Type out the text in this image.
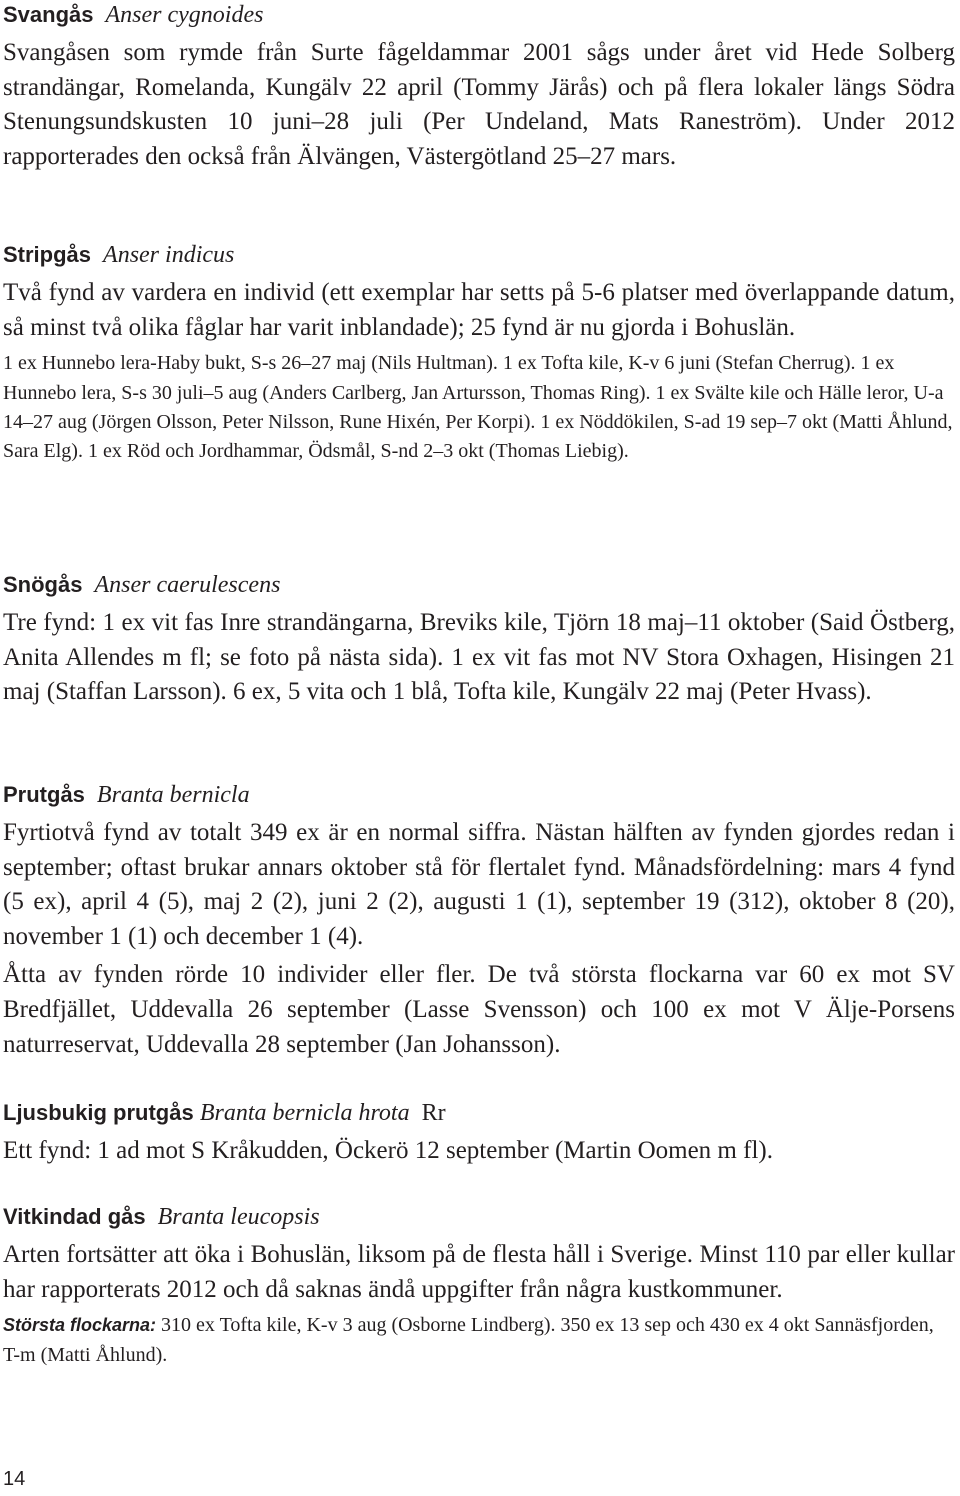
Svangås Anser cygnoides

Svangåsen som rymde från Surte fågeldammar 2001 sågs under året vid Hede Solberg strandängar, Romelanda, Kungälv 22 april (Tommy Järås) och på flera lokaler längs Södra Stenungsundskusten 10 juni–28 juli (Per Undeland, Mats Raneström). Under 2012 rapporterades den också från Älvängen, Västergötland 25–27 mars.

Stripgås Anser indicus

Två fynd av vardera en individ (ett exemplar har setts på 5-6 platser med överlappande datum, så minst två olika fåglar har varit inblandade); 25 fynd är nu gjorda i Bohuslän.

1 ex Hunnebo lera-Haby bukt, S-s 26–27 maj (Nils Hultman). 1 ex Tofta kile, K-v 6 juni (Stefan Cherrug). 1 ex Hunnebo lera, S-s 30 juli–5 aug (Anders Carlberg, Jan Artursson, Thomas Ring). 1 ex Svälte kile och Hälle leror, U-a 14–27 aug (Jörgen Olsson, Peter Nilsson, Rune Hixén, Per Korpi). 1 ex Nöddökilen, S-ad 19 sep–7 okt (Matti Åhlund, Sara Elg). 1 ex Röd och Jordhammar, Ödsmål, S-nd 2–3 okt (Thomas Liebig).

Snögås Anser caerulescens

Tre fynd: 1 ex vit fas Inre strandängarna, Breviks kile, Tjörn 18 maj–11 oktober (Said Östberg, Anita Allendes m fl; se foto på nästa sida). 1 ex vit fas mot NV Stora Oxhagen, Hisingen 21 maj (Staffan Larsson). 6 ex, 5 vita och 1 blå, Tofta kile, Kungälv 22 maj (Peter Hvass).

Prutgås Branta bernicla

Fyrtiotvå fynd av totalt 349 ex är en normal siffra. Nästan hälften av fynden gjordes redan i september; oftast brukar annars oktober stå för flertalet fynd. Månadsfördelning: mars 4 fynd (5 ex), april 4 (5), maj 2 (2), juni 2 (2), augusti 1 (1), september 19 (312), oktober 8 (20), november 1 (1) och december 1 (4).

Åtta av fynden rörde 10 individer eller fler. De två största flockarna var 60 ex mot SV Bredfjället, Uddevalla 26 september (Lasse Svensson) och 100 ex mot V Älje-Porsens naturreservat, Uddevalla 28 september (Jan Johansson).

Ljusbukig prutgås Branta bernicla hrota Rr

Ett fynd: 1 ad mot S Kråkudden, Öckerö 12 september (Martin Oomen m fl).

Vitkindad gås Branta leucopsis

Arten fortsätter att öka i Bohuslän, liksom på de flesta håll i Sverige. Minst 110 par eller kullar har rapporterats 2012 och då saknas ändå uppgifter från några kustkommuner.

Största flockarna: 310 ex Tofta kile, K-v 3 aug (Osborne Lindberg). 350 ex 13 sep och 430 ex 4 okt Sannäsfjorden, T-m (Matti Åhlund).

14
